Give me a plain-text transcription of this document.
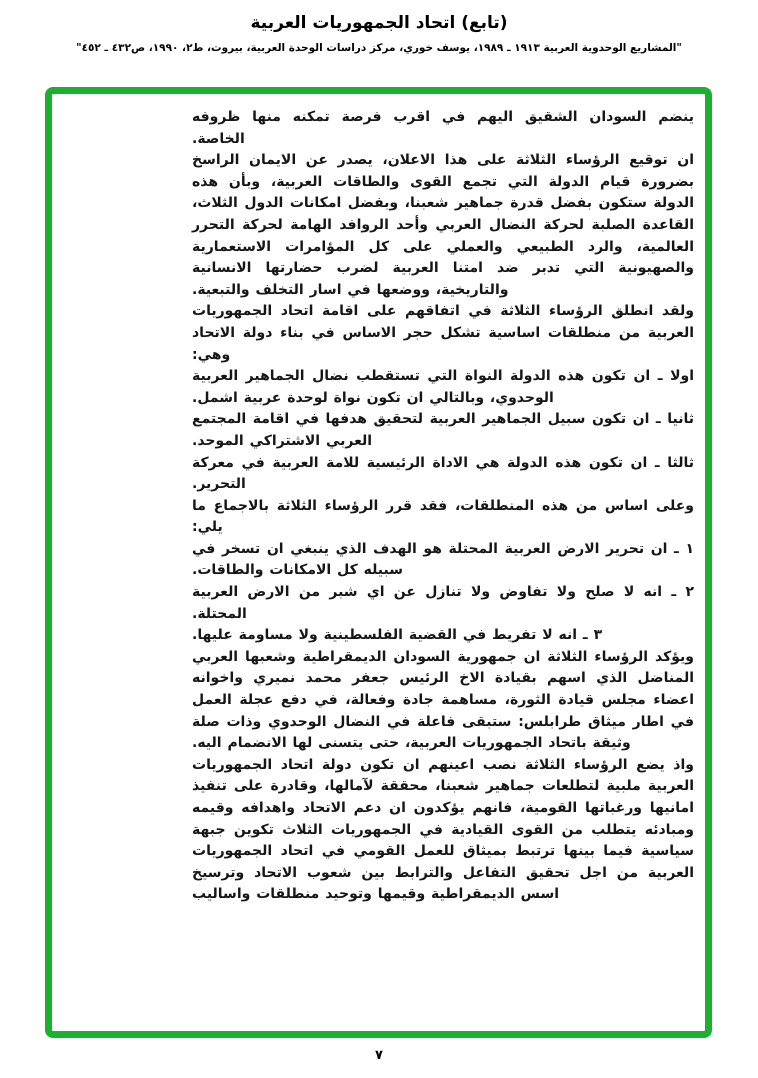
(تابع) اتحاد الجمهوريات العربية
"المشاريع الوحدوية العربية ١٩١٣ ـ ١٩٨٩، يوسف خوري، مركز دراسات الوحدة العربية، بيروت، ط٢، ١٩٩٠، ص٤٣٢ ـ ٤٥٢"

ينضم السودان الشقيق اليهم في اقرب فرصة تمكنه منها ظروفه الخاصة.

ان توقيع الرؤساء الثلاثة على هذا الاعلان، يصدر عن الايمان الراسخ بضرورة قيام الدولة التي تجمع القوى والطاقات العربية، وبأن هذه الدولة ستكون بفضل قدرة جماهير شعبنا، وبفضل امكانات الدول الثلاث، القاعدة الصلبة لحركة النضال العربي وأحد الروافد الهامة لحركة التحرر العالمية، والرد الطبيعي والعملي على كل المؤامرات الاستعمارية والصهيونية التي تدبر ضد امتنا العربية لضرب حضارتها الانسانية والتاريخية، ووضعها في اسار التخلف والتبعية.

ولقد انطلق الرؤساء الثلاثة في اتفاقهم على اقامة اتحاد الجمهوريات العربية من منطلقات اساسية تشكل حجر الاساس في بناء دولة الاتحاد وهي:

اولا ـ ان تكون هذه الدولة النواة التي تستقطب نضال الجماهير العربية الوحدوي، وبالتالي ان تكون نواة لوحدة عربية اشمل.

ثانيا ـ ان تكون سبيل الجماهير العربية لتحقيق هدفها في اقامة المجتمع العربي الاشتراكي الموحد.

ثالثا ـ ان تكون هذه الدولة هي الاداة الرئيسية للامة العربية في معركة التحرير.

وعلى اساس من هذه المنطلقات، فقد قرر الرؤساء الثلاثة بالاجماع ما يلي:

١ ـ ان تحرير الارض العربية المحتلة هو الهدف الذي ينبغي ان تسخر في سبيله كل الامكانات والطاقات.

٢ ـ انه لا صلح ولا تفاوض ولا تنازل عن اي شبر من الارض العربية المحتلة.

٣ ـ انه لا تفريط في القضية الفلسطينية ولا مساومة عليها.

ويؤكد الرؤساء الثلاثة ان جمهورية السودان الديمقراطية وشعبها العربي المناضل الذي اسهم بقيادة الاخ الرئيس جعفر محمد نميري واخوانه اعضاء مجلس قيادة الثورة، مساهمة جادة وفعالة، في دفع عجلة العمل في اطار ميثاق طرابلس: ستبقى فاعلة في النضال الوحدوي وذات صلة وثيقة باتحاد الجمهوريات العربية، حتى يتسنى لها الانضمام اليه.

واذ يضع الرؤساء الثلاثة نصب اعينهم ان تكون دولة اتحاد الجمهوريات العربية ملبية لتطلعات جماهير شعبنا، محققة لآمالها، وقادرة على تنفيذ امانيها ورغباتها القومية، فانهم يؤكدون ان دعم الاتحاد واهدافه وقيمه ومبادئه يتطلب من القوى القيادية في الجمهوريات الثلاث تكوين جبهة سياسية فيما بينها ترتبط بميثاق للعمل القومي في اتحاد الجمهوريات العربية من اجل تحقيق التفاعل والترابط بين شعوب الاتحاد وترسيخ اسس الديمقراطية وقيمها وتوحيد منطلقات واساليب

٧
